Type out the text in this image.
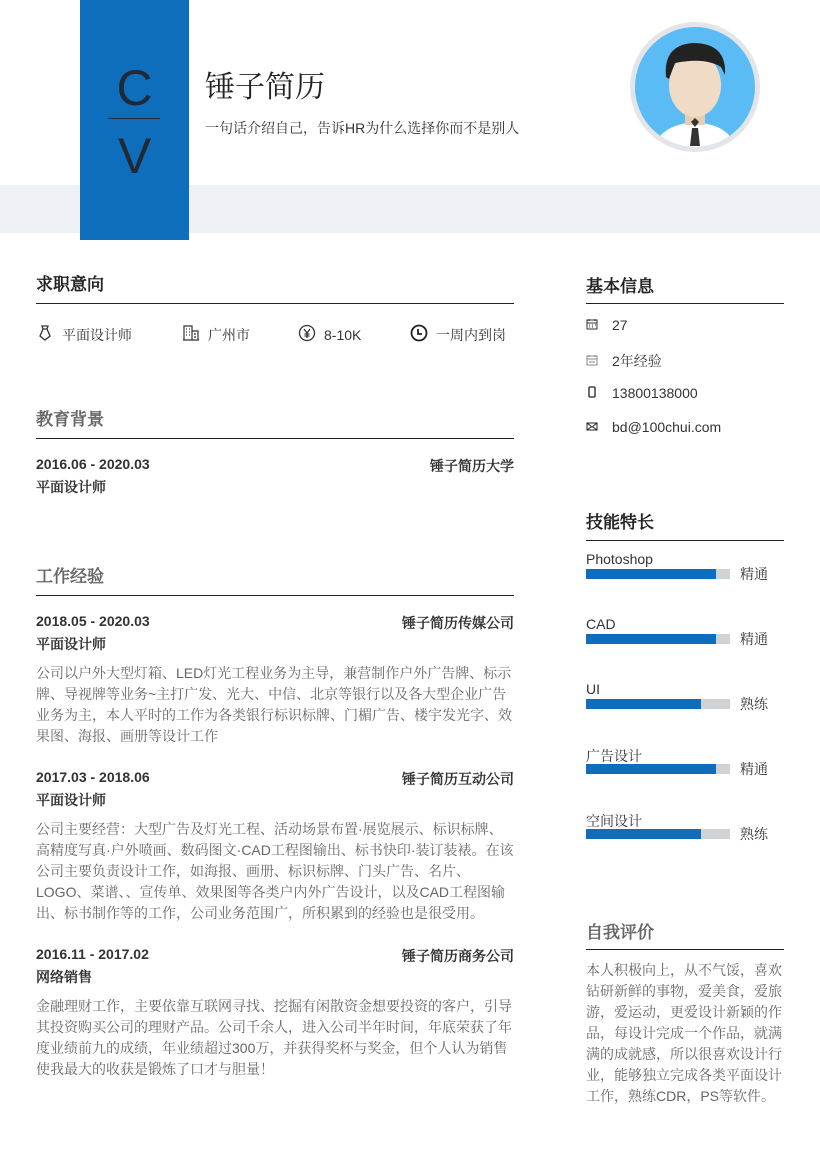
C
V
锤子简历
一句话介绍自己，告诉HR为什么选择你而不是别人
求职意向
平面设计师	广州市	8-10K	一周内到岗
教育背景
2016.06 - 2020.03	锤子简历大学
平面设计师
工作经验
2018.05 - 2020.03	锤子简历传媒公司
平面设计师
公司以户外大型灯箱、LED灯光工程业务为主导，兼营制作户外广告牌、标示牌、导视牌等业务~主打广发、光大、中信、北京等银行以及各大型企业广告业务为主，本人平时的工作为各类银行标识标牌、门楣广告、楼宇发光字、效果图、海报、画册等设计工作
2017.03 - 2018.06	锤子简历互动公司
平面设计师
公司主要经营：大型广告及灯光工程、活动场景布置·展览展示、标识标牌、高精度写真·户外喷画、数码图文·CAD工程图输出、标书快印·装订装裱。在该公司主要负责设计工作，如海报、画册、标识标牌、门头广告、名片、LOGO、菜谱、、宣传单、效果图等各类户内外广告设计，以及CAD工程图输出、标书制作等的工作，公司业务范围广，所积累到的经验也是很受用。
2016.11 - 2017.02	锤子简历商务公司
网络销售
金融理财工作，主要依靠互联网寻找、挖掘有闲散资金想要投资的客户，引导其投资购买公司的理财产品。公司千余人，进入公司半年时间，年底荣获了年度业绩前九的成绩，年业绩超过300万，并获得奖杯与奖金，但个人认为销售使我最大的收获是锻炼了口才与胆量！
基本信息
27
2年经验
13800138000
bd@100chui.com
技能特长
Photoshop
精通
CAD
精通
UI
熟练
广告设计
精通
空间设计
熟练
自我评价
本人积极向上，从不气馁，喜欢钻研新鲜的事物，爱美食，爱旅游，爱运动，更爱设计新颖的作品，每设计完成一个作品，就满满的成就感，所以很喜欢设计行业，能够独立完成各类平面设计工作，熟练CDR，PS等软件。
